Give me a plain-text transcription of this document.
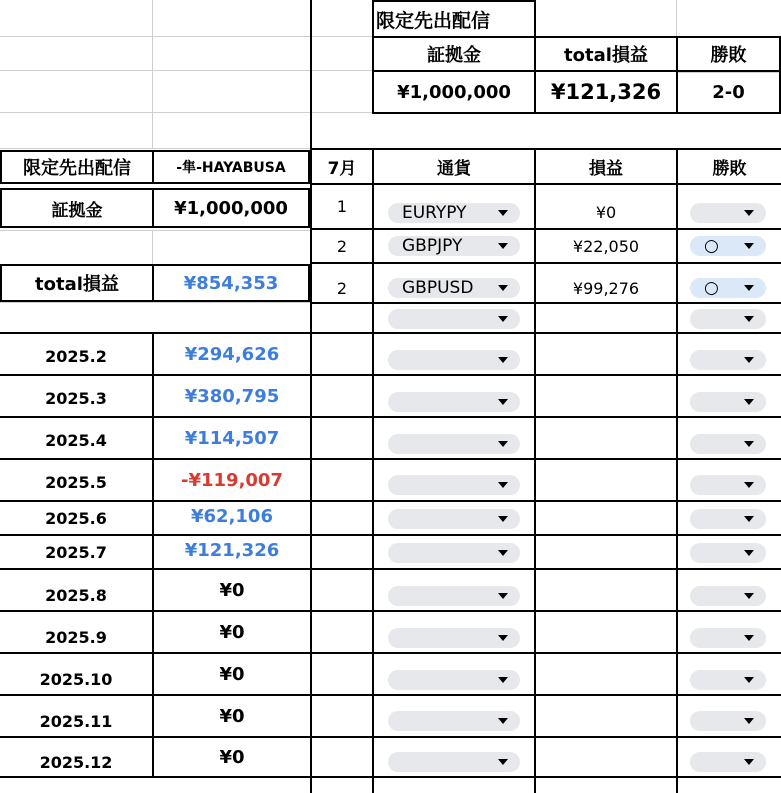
限定先出配信
証拠金	total損益	勝敗
¥1,000,000	¥121,326	2-0
限定先出配信	-隼-HAYABUSA
証拠金	¥1,000,000
total損益	¥854,353
7月	通貨	損益	勝敗
1	EURYPY	¥0
2	GBPJPY	¥22,050	○
2	GBPUSD	¥99,276	○
2025.2	¥294,626
2025.3	¥380,795
2025.4	¥114,507
2025.5	-¥119,007
2025.6	¥62,106
2025.7	¥121,326
2025.8	¥0
2025.9	¥0
2025.10	¥0
2025.11	¥0
2025.12	¥0
